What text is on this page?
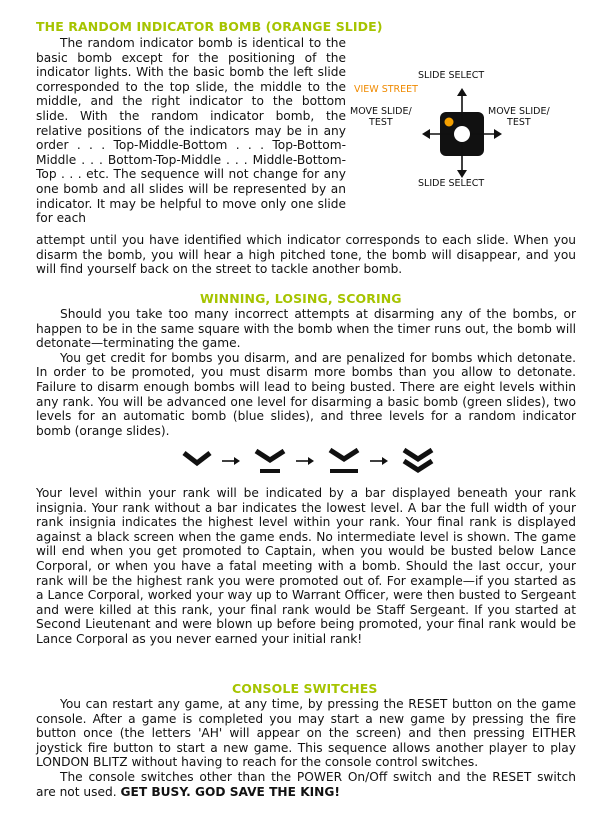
THE RANDOM INDICATOR BOMB (ORANGE SLIDE)

The random indicator bomb is identical to the basic bomb except for the positioning of the indicator lights. With the basic bomb the left slide corresponded to the top slide, the middle to the middle, and the right indicator to the bottom slide. With the random indicator bomb, the relative positions of the indicators may be in any order . . . Top-Middle-Bottom . . . Top-Bottom-Middle . . . Bottom-Top-Middle . . . Middle-Bottom-Top . . . etc. The sequence will not change for any one bomb and all slides will be represented by an indicator. It may be helpful to move only one slide for each

SLIDE SELECT
VIEW STREET
MOVE SLIDE/
TEST
MOVE SLIDE/
TEST
SLIDE SELECT

attempt until you have identified which indicator corresponds to each slide. When you disarm the bomb, you will hear a high pitched tone, the bomb will disappear, and you will find yourself back on the street to tackle another bomb.

WINNING, LOSING, SCORING

Should you take too many incorrect attempts at disarming any of the bombs, or happen to be in the same square with the bomb when the timer runs out, the bomb will detonate—terminating the game.

You get credit for bombs you disarm, and are penalized for bombs which detonate. In order to be promoted, you must disarm more bombs than you allow to detonate. Failure to disarm enough bombs will lead to being busted. There are eight levels within any rank. You will be advanced one level for disarming a basic bomb (green slides), two levels for an automatic bomb (blue slides), and three levels for a random indicator bomb (orange slides).

Your level within your rank will be indicated by a bar displayed beneath your rank insignia. Your rank without a bar indicates the lowest level. A bar the full width of your rank insignia indicates the highest level within your rank. Your final rank is displayed against a black screen when the game ends. No intermediate level is shown. The game will end when you get promoted to Captain, when you would be busted below Lance Corporal, or when you have a fatal meeting with a bomb. Should the last occur, your rank will be the highest rank you were promoted out of. For example—if you started as a Lance Corporal, worked your way up to Warrant Officer, were then busted to Sergeant and were killed at this rank, your final rank would be Staff Sergeant. If you started at Second Lieutenant and were blown up before being promoted, your final rank would be Lance Corporal as you never earned your initial rank!

CONSOLE SWITCHES

You can restart any game, at any time, by pressing the RESET button on the game console. After a game is completed you may start a new game by pressing the fire button once (the letters 'AH' will appear on the screen) and then pressing EITHER joystick fire button to start a new game. This sequence allows another player to play LONDON BLITZ without having to reach for the console control switches.

The console switches other than the POWER On/Off switch and the RESET switch are not used. GET BUSY. GOD SAVE THE KING!
